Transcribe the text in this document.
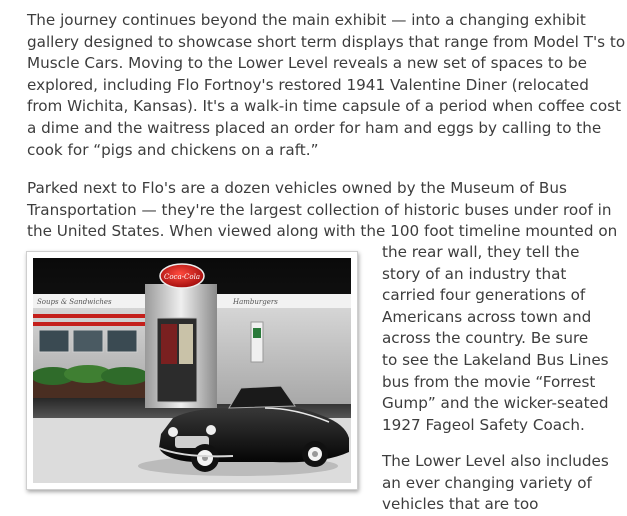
The journey continues beyond the main exhibit — into a changing exhibit
gallery designed to showcase short term displays that range from Model T's to
Muscle Cars. Moving to the Lower Level reveals a new set of spaces to be
explored, including Flo Fortnoy's restored 1941 Valentine Diner (relocated
from Wichita, Kansas). It's a walk-in time capsule of a period when coffee cost
a dime and the waitress placed an order for ham and eggs by calling to the
cook for “pigs and chickens on a raft.”
Parked next to Flo's are a dozen vehicles owned by the Museum of Bus
Transportation — they're the largest collection of historic buses under roof in
the United States. When viewed along with the 100 foot timeline mounted on
the rear wall, they tell the
story of an industry that
carried four generations of
Americans across town and
across the country. Be sure
to see the Lakeland Bus Lines
bus from the movie “Forrest
Gump” and the wicker-seated
1927 Fageol Safety Coach.
The Lower Level also includes
an ever changing variety of
vehicles that are too
Soups & Sandwiches
Coca-Cola
Hamburgers
